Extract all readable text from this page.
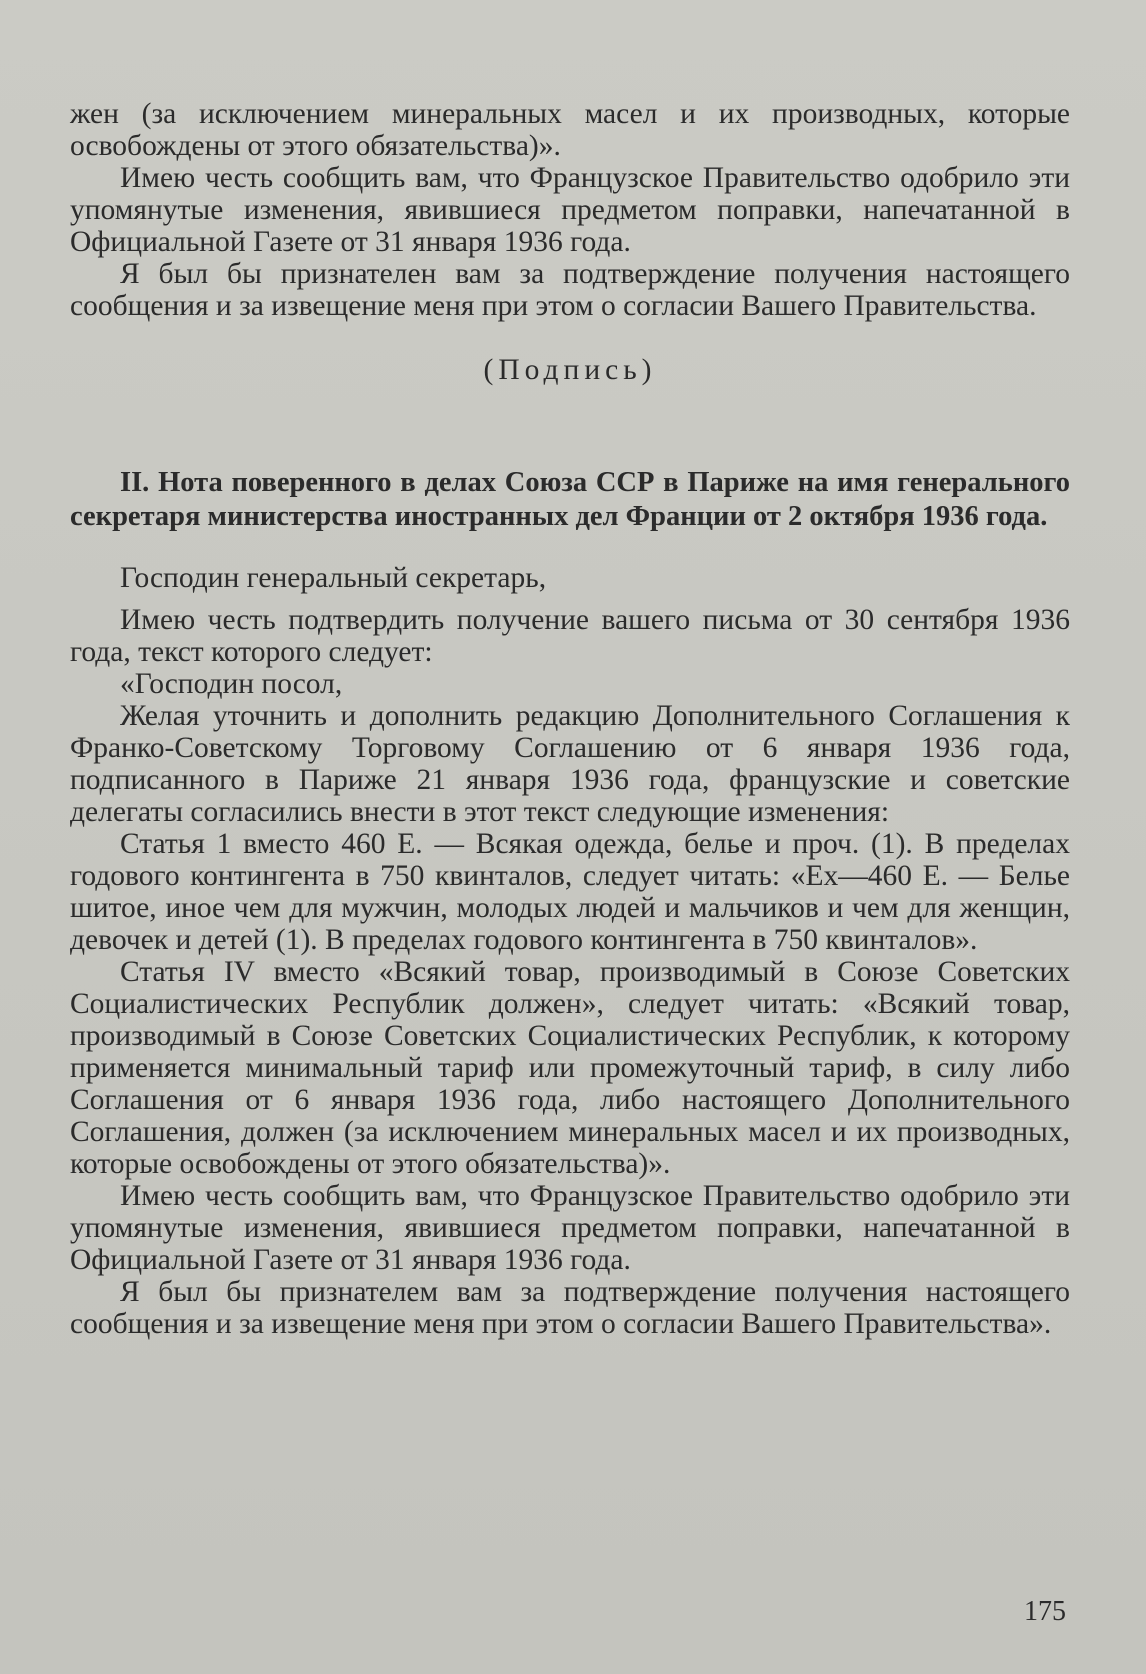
жен (за исключением минеральных масел и их производных, которые освобождены от этого обязательства)».

Имею честь сообщить вам, что Французское Правительство одобрило эти упомянутые изменения, явившиеся предметом поправки, напечатанной в Официальной Газете от 31 января 1936 года.

Я был бы признателен вам за подтверждение получения настоящего сообщения и за извещение меня при этом о согласии Вашего Правительства.

(Подпись)

II. Нота поверенного в делах Союза ССР в Париже на имя генерального секретаря министерства иностранных дел Франции от 2 октября 1936 года.

Господин генеральный секретарь,

Имею честь подтвердить получение вашего письма от 30 сентября 1936 года, текст которого следует:

«Господин посол,

Желая уточнить и дополнить редакцию Дополнительного Соглашения к Франко-Советскому Торговому Соглашению от 6 января 1936 года, подписанного в Париже 21 января 1936 года, французские и советские делегаты согласились внести в этот текст следующие изменения:

Статья 1 вместо 460 Е. — Всякая одежда, белье и проч. (1). В пределах годового контингента в 750 квинталов, следует читать: «Ex—460 Е. — Белье шитое, иное чем для мужчин, молодых людей и мальчиков и чем для женщин, девочек и детей (1). В пределах годового контингента в 750 квинталов».

Статья IV вместо «Всякий товар, производимый в Союзе Советских Социалистических Республик должен», следует читать: «Всякий товар, производимый в Союзе Советских Социалистических Республик, к которому применяется минимальный тариф или промежуточный тариф, в силу либо Соглашения от 6 января 1936 года, либо настоящего Дополнительного Соглашения, должен (за исключением минеральных масел и их производных, которые освобождены от этого обязательства)».

Имею честь сообщить вам, что Французское Правительство одобрило эти упомянутые изменения, явившиеся предметом поправки, напечатанной в Официальной Газете от 31 января 1936 года.

Я был бы признателем вам за подтверждение получения настоящего сообщения и за извещение меня при этом о согласии Вашего Правительства».

175
